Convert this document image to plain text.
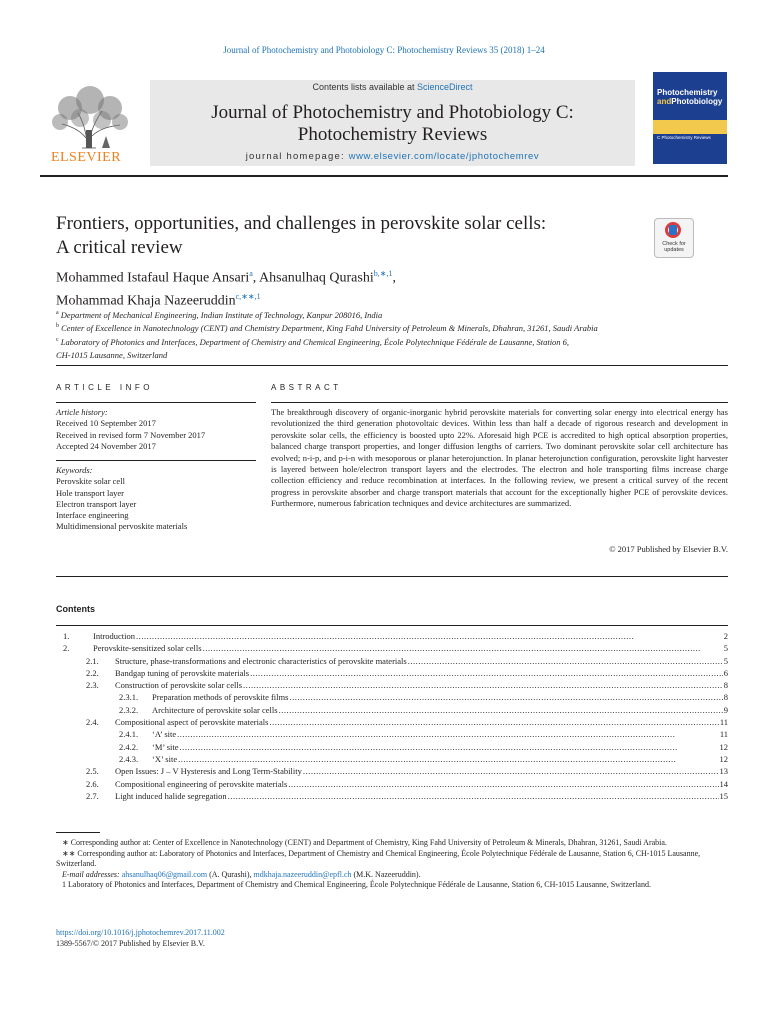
Journal of Photochemistry and Photobiology C: Photochemistry Reviews 35 (2018) 1–24
Contents lists available at ScienceDirect
Journal of Photochemistry and Photobiology C:
Photochemistry Reviews
journal homepage: www.elsevier.com/locate/jphotochemrev
ELSEVIER
Photochemistry
andPhotobiology
C Photochemistry Reviews
Frontiers, opportunities, and challenges in perovskite solar cells:
A critical review	Check for
updates
Mohammed Istafaul Haque Ansari$^a$, Ahsanulhaq Qurashi$^{b,∗,1}$,
Mohammad Khaja Nazeeruddin$^{c,∗∗,1}$
$^a$ Department of Mechanical Engineering, Indian Institute of Technology, Kanpur 208016, India
$^b$ Center of Excellence in Nanotechnology (CENT) and Chemistry Department, King Fahd University of Petroleum & Minerals, Dhahran, 31261, Saudi Arabia
$^c$ Laboratory of Photonics and Interfaces, Department of Chemistry and Chemical Engineering, École Polytechnique Fédérale de Lausanne, Station 6,
CH-1015 Lausanne, Switzerland
ARTICLE INFO	ABSTRACT
Article history:
Received 10 September 2017
Received in revised form 7 November 2017
Accepted 24 November 2017
Keywords:
Perovskite solar cell
Hole transport layer
Electron transport layer
Interface engineering
Multidimensional pervoskite materials
The breakthrough discovery of organic-inorganic hybrid perovskite materials for converting solar energy into electrical energy has revolutionized the third generation photovoltaic devices. Within less than half a decade of rigorous research and development in perovskite solar cells, the efficiency is boosted upto 22%. Aforesaid high PCE is accredited to high optical absorption properties, balanced charge transport properties, and longer diffusion lengths of carriers. Two dominant perovskite solar cell architecture has evolved; n-i-p, and p-i-n with mesoporous or planar heterojunction. In planar heterojunction configuration, perovskite light harvester is layered between hole/electron transport layers and the electrodes. The electron and hole transporting films increase charge collection efficiency and reduce recombination at interfaces. In the following review, we present a critical survey of the recent progress in perovskite absorber and charge transport materials that account for the exceptionally higher PCE of perovskite devices. Furthermore, numerous fabrication techniques and device architectures are summarized.
© 2017 Published by Elsevier B.V.
Contents
1.	Introduction . . .	2
2.	Perovskite-sensitized solar cells . . .	5
2.1.	Structure, phase-transformations and electronic characteristics of perovskite materials . . .	5
2.2.	Bandgap tuning of perovskite materials . . .	6
2.3.	Construction of perovskite solar cells . . .	8
2.3.1.	Preparation methods of perovskite films . . .	8
2.3.2.	Architecture of perovskite solar cells . . .	9
2.4.	Compositional aspect of perovskite materials . . .	11
2.4.1.	‘A’ site . . .	11
2.4.2.	‘M’ site . . .	12
2.4.3.	‘X’ site . . .	12
2.5.	Open Issues: J – V Hysteresis and Long Term-Stability . . .	13
2.6.	Compositional engineering of perovskite materials . . .	14
2.7.	Light induced halide segregation . . .	15

∗ Corresponding author at: Center of Excellence in Nanotechnology (CENT) and Department of Chemistry, King Fahd University of Petroleum & Minerals, Dhahran, 31261, Saudi Arabia.

∗∗ Corresponding author at: Laboratory of Photonics and Interfaces, Department of Chemistry and Chemical Engineering, École Polytechnique Fédérale de Lausanne, Station 6, CH-1015 Lausanne, Switzerland.

E-mail addresses: ahsanulhaq06@gmail.com (A. Qurashi), mdkhaja.nazeeruddin@epfl.ch (M.K. Nazeeruddin).

1 Laboratory of Photonics and Interfaces, Department of Chemistry and Chemical Engineering, École Polytechnique Fédérale de Lausanne, Station 6, CH-1015 Lausanne, Switzerland.

https://doi.org/10.1016/j.jphotochemrev.2017.11.002
1389-5567/© 2017 Published by Elsevier B.V.
